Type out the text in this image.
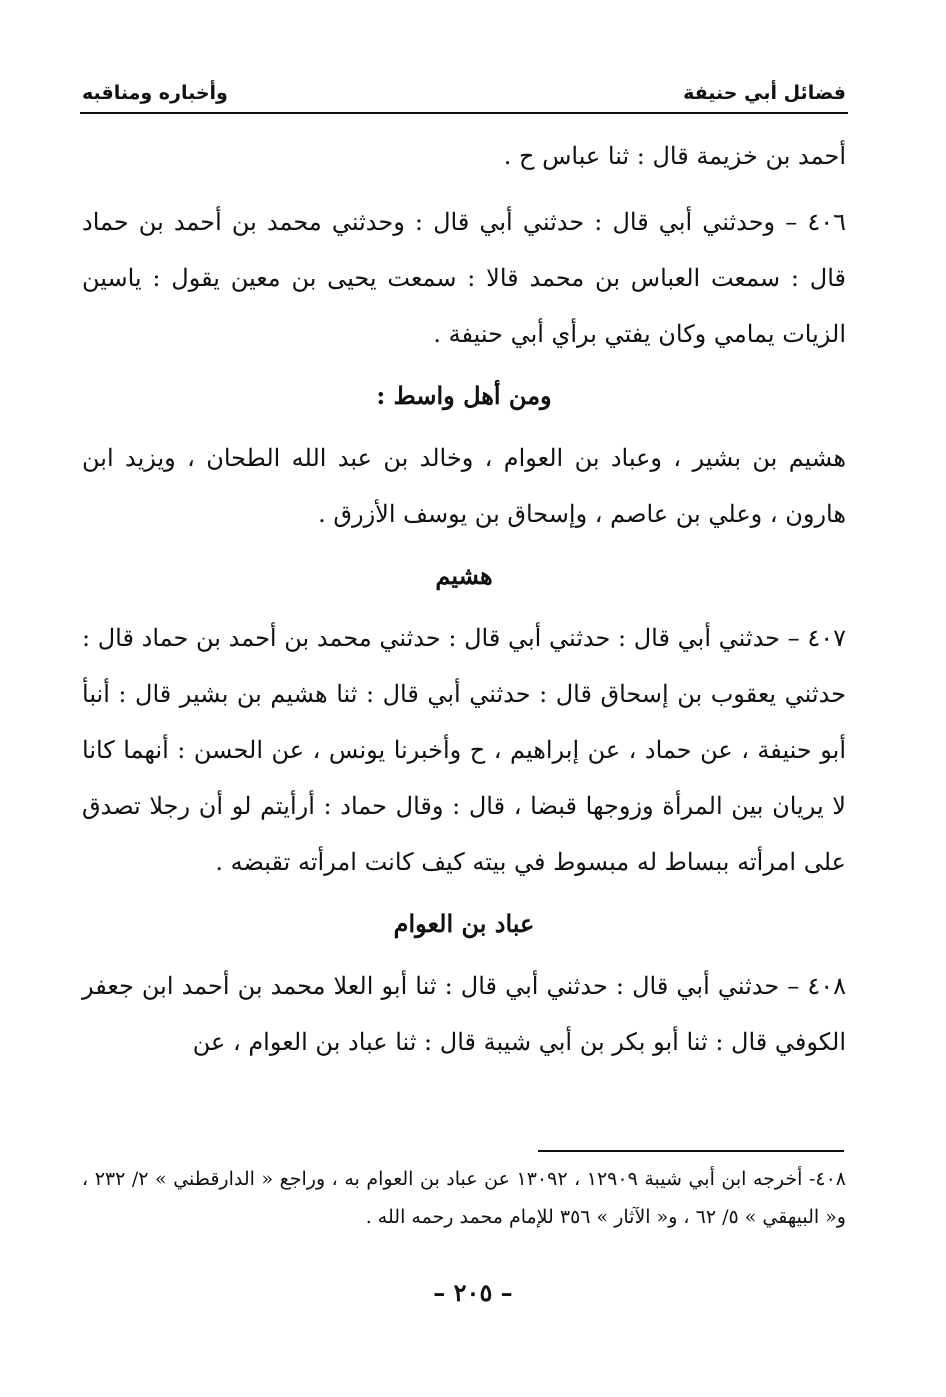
فضائل أبي حنيفة
وأخباره ومناقبه

أحمد بن خزيمة قال : ثنا عباس ح .

٤٠٦ – وحدثني أبي قال : حدثني أبي قال : وحدثني محمد بن أحمد بن حماد قال : سمعت العباس بن محمد قالا : سمعت يحيى بن معين يقول : ياسين الزيات يمامي وكان يفتي برأي أبي حنيفة .

ومن أهل واسط :

هشيم بن بشير ، وعباد بن العوام ، وخالد بن عبد الله الطحان ، ويزيد ابن هارون ، وعلي بن عاصم ، وإسحاق بن يوسف الأزرق .

هشيم

٤٠٧ – حدثني أبي قال : حدثني أبي قال : حدثني محمد بن أحمد بن حماد قال : حدثني يعقوب بن إسحاق قال : حدثني أبي قال : ثنا هشيم بن بشير قال : أنبأ أبو حنيفة ، عن حماد ، عن إبراهيم ، ح وأخبرنا يونس ، عن الحسن : أنهما كانا لا يريان بين المرأة وزوجها قبضا ، قال : وقال حماد : أرأيتم لو أن رجلا تصدق على امرأته ببساط له مبسوط في بيته كيف كانت امرأته تقبضه .

عباد بن العوام

٤٠٨ – حدثني أبي قال : حدثني أبي قال : ثنا أبو العلا محمد بن أحمد ابن جعفر الكوفي قال : ثنا أبو بكر بن أبي شيبة قال : ثنا عباد بن العوام ، عن

٤٠٨- أخرجه ابن أبي شيبة ١٢٩٠٩ ، ١٣٠٩٢ عن عباد بن العوام به ، وراجع « الدارقطني » ٢/ ٢٣٢ ، و« البيهقي » ٥/ ٦٢ ، و« الآثار » ٣٥٦ للإمام محمد رحمه الله .
– ٢٠٥ –
